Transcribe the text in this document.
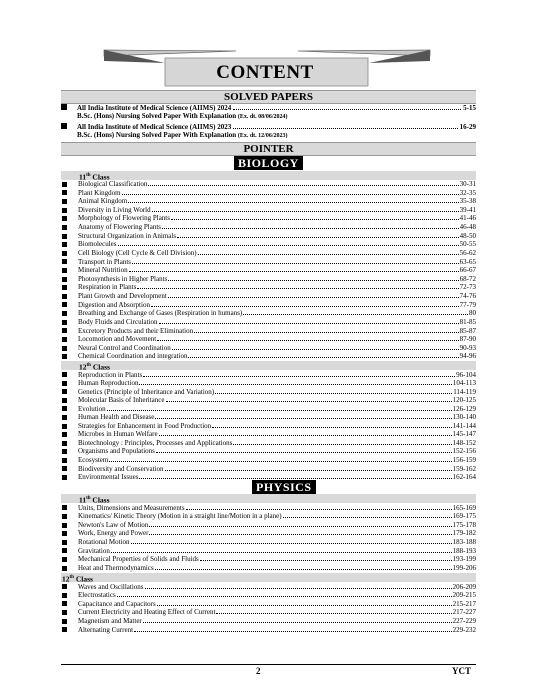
CONTENT
SOLVED PAPERS
All India Institute of Medical Science (AIIMS) 2024	5-15
B.Sc. (Hons) Nursing Solved Paper With Explanation (Ex. dt. 08/06/2024)
All India Institute of Medical Science (AIIMS) 2023	16-29
B.Sc. (Hons) Nursing Solved Paper With Explanation (Ex. dt. 12/06/2023)
POINTER
BIOLOGY
11th Class
Biological Classification	30-31
Plant Kingdom	32-35
Animal Kingdom	35-38
Diversity in Living World	39-41
Morphology of Flowering Plants	41-46
Anatomy of Flowering Plants	46-48
Structural Organization in Animals	48-50
Biomolecules	50-55
Cell Biology (Cell Cycle & Cell Division)	56-62
Transport in Plants	63-65
Mineral Nutrition	66-67
Photosynthesis in Higher Plants	68-72
Respiration in Plants	72-73
Plant Growth and Development	74-76
Digestion and Absorption	77-79
Breathing and Exchange of Gases (Respiration in humans)	80
Body Fluids and Circulation	81-85
Excretory Products and their Elimination	85-87
Locomotion and Movement	87-90
Neural Control and Coordination	90-93
Chemical Coordination and integration	94-96
12th Class
Reproduction in Plants	96-104
Human Reproduction	104-113
Genetics (Principle of Inheritance and Variation)	114-119
Molecular Basis of Inheritance	120-125
Evolution	126-129
Human Health and Disease	130-140
Strategies for Enhancement in Food Production	141-144
Microbes in Human Welfare	145-147
Biotechnology : Principles, Processes and Applications	148-152
Organisms and Populations	152-156
Ecosystem	156-159
Biodiversity and Conservation	159-162
Environmental Issues	162-164
PHYSICS
11th Class
Units, Dimensions and Measurements	165-169
Kinematics/ Kinetic Theory (Motion in a straight line/Motion in a plane)	169-175
Newton's Law of Motion	175-178
Work, Energy and Power	179-182
Rotational Motion	183-188
Gravitation	188-193
Mechanical Properties of Solids and Fluids	193-199
Heat and Thermodynamics	199-206
12th Class
Waves and Oscillations	206-209
Electrostatics	209-215
Capacitance and Capacitors	215-217
Current Electricity and Heating Effect of Current	217-227
Magnetism and Matter	227-229
Alternating Current	229-232
2	YCT
